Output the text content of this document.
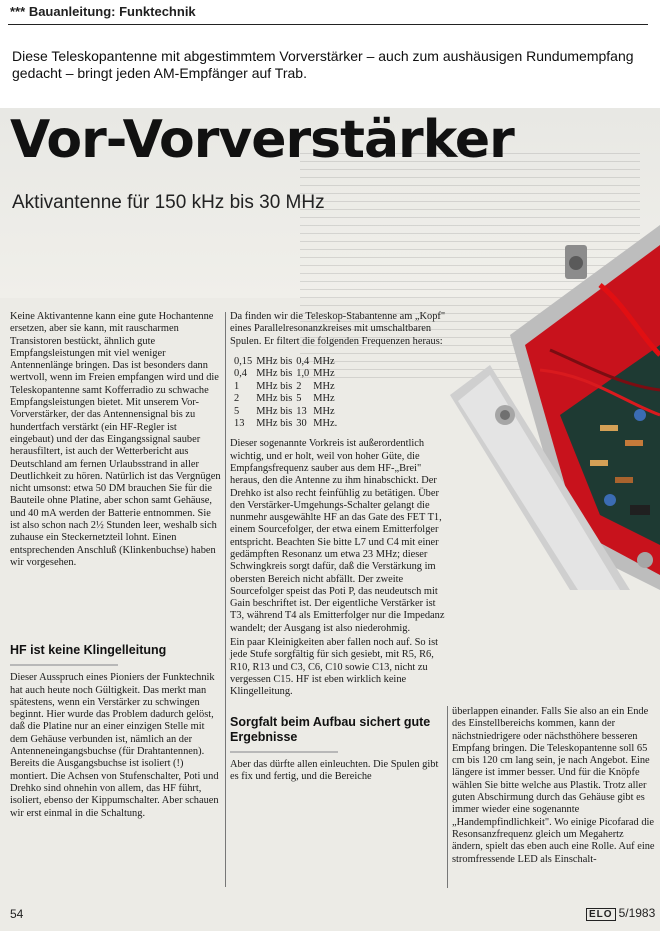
*** Bauanleitung: Funktechnik
Diese Teleskopantenne mit abgestimmtem Vorverstärker – auch zum aushäusigen Rundumempfang gedacht – bringt jeden AM-Empfänger auf Trab.
Vor-Vorverstärker
Aktivantenne für 150 kHz bis 30 MHz

Keine Aktivantenne kann eine gute Hochantenne ersetzen, aber sie kann, mit rauscharmen Transistoren bestückt, ähnlich gute Empfangsleistungen mit viel weniger Antennenlänge bringen. Das ist besonders dann wertvoll, wenn im Freien empfangen wird und die Teleskopantenne samt Kofferradio zu schwache Empfangsleistungen bietet. Mit unserem Vor-Vorverstärker, der das Antennensignal bis zu hundertfach verstärkt (ein HF-Regler ist eingebaut) und der das Eingangssignal sauber herausfiltert, ist auch der Wetterbericht aus Deutschland am fernen Urlaubsstrand in aller Deutlichkeit zu hören. Natürlich ist das Vergnügen nicht umsonst: etwa 50 DM brauchen Sie für die Bauteile ohne Platine, aber schon samt Gehäuse, und 40 mA werden der Batterie entnommen. Sie ist also schon nach 2½ Stunden leer, weshalb sich zuhause ein Steckernetzteil lohnt. Einen entsprechenden Anschluß (Klinkenbuchse) haben wir vorgesehen.

HF ist keine Klingelleitung

Dieser Ausspruch eines Pioniers der Funktechnik hat auch heute noch Gültigkeit. Das merkt man spätestens, wenn ein Verstärker zu schwingen beginnt. Hier wurde das Problem dadurch gelöst, daß die Platine nur an einer einzigen Stelle mit dem Gehäuse verbunden ist, nämlich an der Antenneneingangsbuchse (für Drahtantennen). Bereits die Ausgangsbuchse ist isoliert (!) montiert. Die Achsen von Stufenschalter, Poti und Drehko sind ohnehin von allem, das HF führt, isoliert, ebenso der Kippumschalter. Aber schauen wir erst einmal in die Schaltung.

Da finden wir die Teleskop-Stabantenne am „Kopf" eines Parallelresonanzkreises mit umschaltbaren Spulen. Er filtert die folgenden Frequenzen heraus:

0,15	MHz bis	0,4	MHz
0,4	MHz bis	1,0	MHz
1	MHz bis	2	MHz
2	MHz bis	5	MHz
5	MHz bis	13	MHz
13	MHz bis	30	MHz.

Dieser sogenannte Vorkreis ist außerordentlich wichtig, und er holt, weil von hoher Güte, die Empfangsfrequenz sauber aus dem HF-„Brei" heraus, den die Antenne zu ihm hinabschickt. Der Drehko ist also recht feinfühlig zu betätigen. Über den Verstärker-Umgehungs-Schalter gelangt die nunmehr ausgewählte HF an das Gate des FET T1, einem Sourcefolger, der etwa einem Emitterfolger entspricht. Beachten Sie bitte L7 und C4 mit einer gedämpften Resonanz um etwa 23 MHz; dieser Schwingkreis sorgt dafür, daß die Verstärkung im obersten Bereich nicht abfällt. Der zweite Sourcefolger speist das Poti P, das neudeutsch mit Gain beschriftet ist. Der eigentliche Verstärker ist T3, während T4 als Emitterfolger nur die Impedanz wandelt; der Ausgang ist also niederohmig.

Ein paar Kleinigkeiten aber fallen noch auf. So ist jede Stufe sorgfältig für sich gesiebt, mit R5, R6, R10, R13 und C3, C6, C10 sowie C13, nicht zu vergessen C15. HF ist eben wirklich keine Klingelleitung.

Sorgfalt beim Aufbau sichert gute Ergebnisse

Aber das dürfte allen einleuchten. Die Spulen gibt es fix und fertig, und die Bereiche

überlappen einander. Falls Sie also an ein Ende des Einstellbereichs kommen, kann der nächstniedrigere oder nächsthöhere besseren Empfang bringen. Die Teleskopantenne soll 65 cm bis 120 cm lang sein, je nach Angebot. Eine längere ist immer besser. Und für die Knöpfe wählen Sie bitte welche aus Plastik. Trotz aller guten Abschirmung durch das Gehäuse gibt es immer wieder eine sogenannte „Handempfindlichkeit". Wo einige Picofarad die Resonsanzfrequenz gleich um Megahertz ändern, spielt das eben auch eine Rolle. Auf eine stromfressende LED als Einschalt-

54	ELO 5/1983
